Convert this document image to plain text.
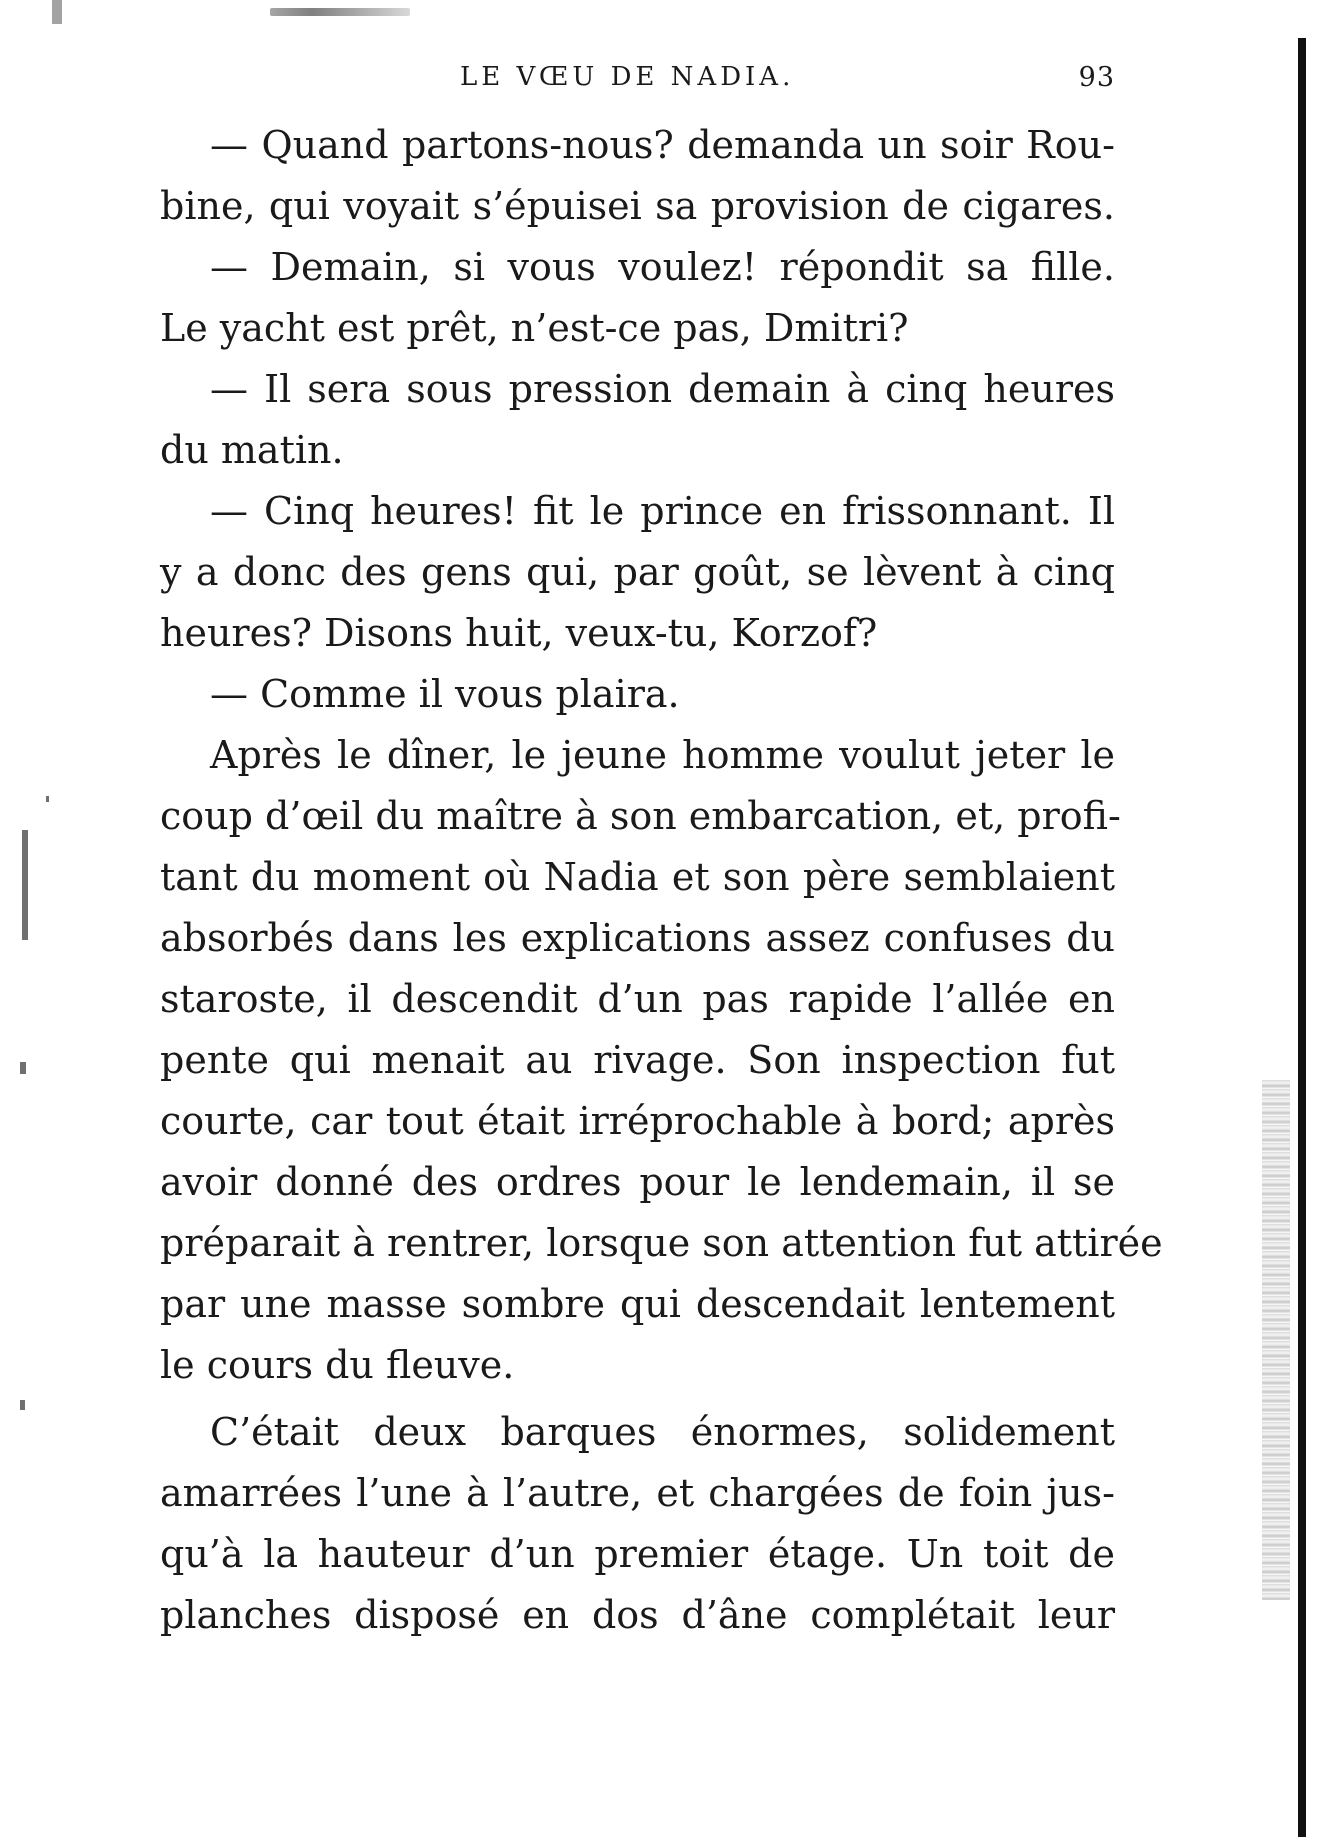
LE VŒU DE NADIA.	93
— Quand partons-nous? demanda un soir Rou-
bine, qui voyait s’épuisei sa provision de cigares.
— Demain, si vous voulez! répondit sa fille.
Le yacht est prêt, n’est-ce pas, Dmitri?
— Il sera sous pression demain à cinq heures
du matin.
— Cinq heures! fit le prince en frissonnant. Il
y a donc des gens qui, par goût, se lèvent à cinq
heures? Disons huit, veux-tu, Korzof?
— Comme il vous plaira.
Après le dîner, le jeune homme voulut jeter le
coup d’œil du maître à son embarcation, et, profi-
tant du moment où Nadia et son père semblaient
absorbés dans les explications assez confuses du
staroste, il descendit d’un pas rapide l’allée en
pente qui menait au rivage. Son inspection fut
courte, car tout était irréprochable à bord; après
avoir donné des ordres pour le lendemain, il se
préparait à rentrer, lorsque son attention fut attirée
par une masse sombre qui descendait lentement
le cours du fleuve.
C’était deux barques énormes, solidement
amarrées l’une à l’autre, et chargées de foin jus-
qu’à la hauteur d’un premier étage. Un toit de
planches disposé en dos d’âne complétait leur
